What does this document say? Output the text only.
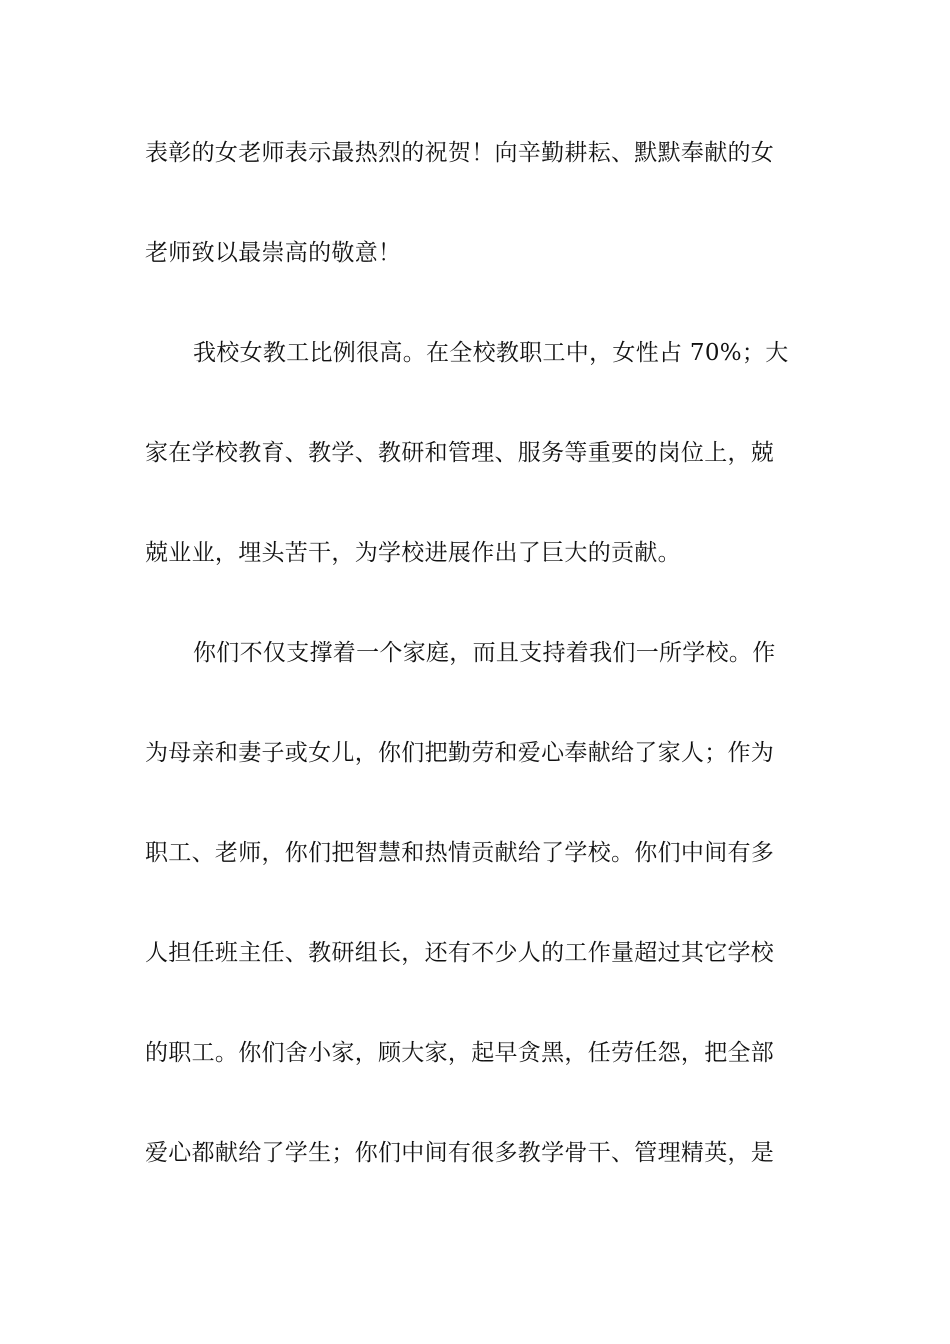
表彰的女老师表示最热烈的祝贺！向辛勤耕耘、默默奉献的女
老师致以最崇高的敬意！
我校女教工比例很高。在全校教职工中，女性占 70%；大
家在学校教育、教学、教研和管理、服务等重要的岗位上，兢
兢业业，埋头苦干，为学校进展作出了巨大的贡献。
你们不仅支撑着一个家庭，而且支持着我们一所学校。作
为母亲和妻子或女儿，你们把勤劳和爱心奉献给了家人；作为
职工、老师，你们把智慧和热情贡献给了学校。你们中间有多
人担任班主任、教研组长，还有不少人的工作量超过其它学校
的职工。你们舍小家，顾大家，起早贪黑，任劳任怨，把全部
爱心都献给了学生；你们中间有很多教学骨干、管理精英，是
